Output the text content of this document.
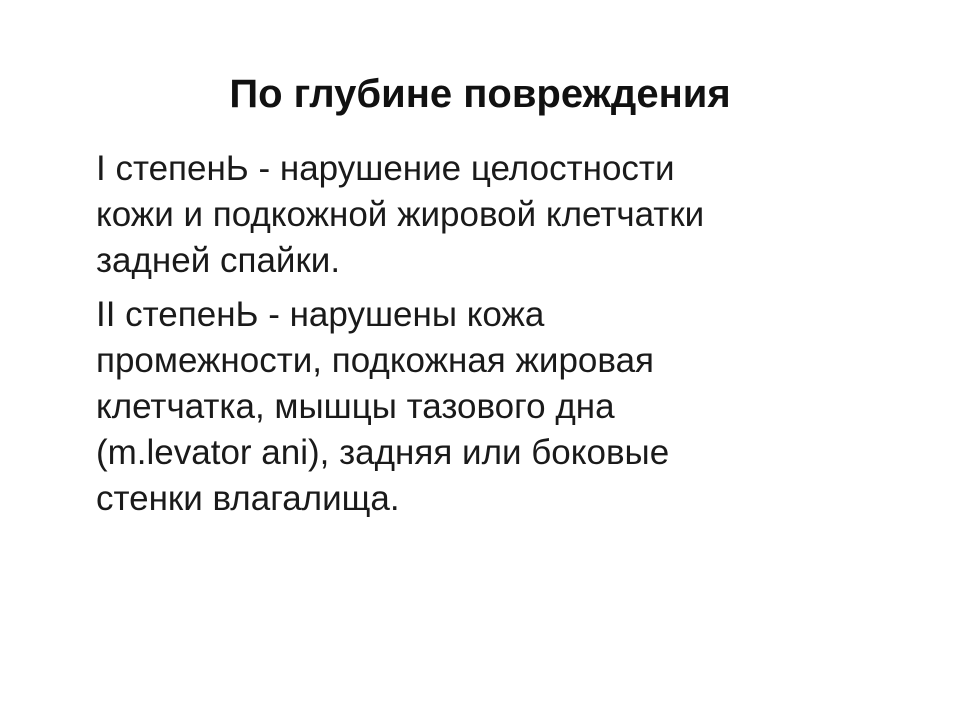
По глубине повреждения
I степенЬ - нарушение целостности
кожи и подкожной жировой клетчатки
задней спайки.
II степенЬ - нарушены кожа
промежности, подкожная жировая
клетчатка, мышцы тазового дна
(m.levator ani), задняя или боковые
стенки влагалища.
